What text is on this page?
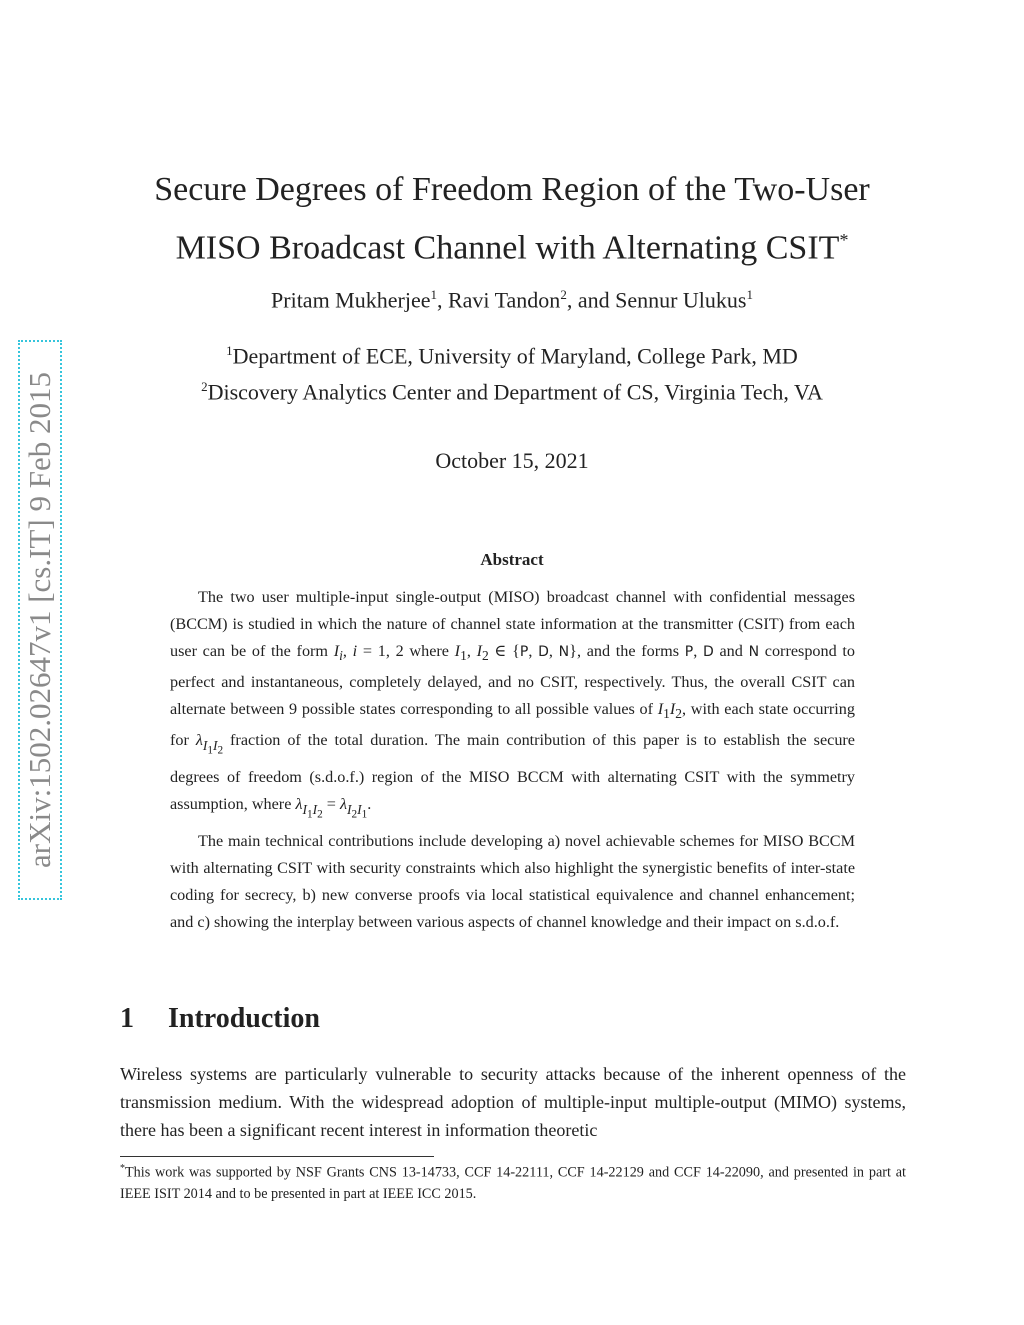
arXiv:1502.02647v1 [cs.IT] 9 Feb 2015
Secure Degrees of Freedom Region of the Two-User
MISO Broadcast Channel with Alternating CSIT*
Pritam Mukherjee$^1$, Ravi Tandon$^2$, and Sennur Ulukus$^1$
$^1$Department of ECE, University of Maryland, College Park, MD
$^2$Discovery Analytics Center and Department of CS, Virginia Tech, VA
October 15, 2021
Abstract
The two user multiple-input single-output (MISO) broadcast channel with confidential messages (BCCM) is studied in which the nature of channel state information at the transmitter (CSIT) from each user can be of the form $I_i$, i = 1, 2 where $I_1$, $I_2$ ∈ {P, D, N}, and the forms P, D and N correspond to perfect and instantaneous, completely delayed, and no CSIT, respectively. Thus, the overall CSIT can alternate between 9 possible states corresponding to all possible values of $I_1I_2$, with each state occurring for $\lambda_{I_1I_2}$ fraction of the total duration. The main contribution of this paper is to establish the secure degrees of freedom (s.d.o.f.) region of the MISO BCCM with alternating CSIT with the symmetry assumption, where $\lambda_{I_1I_2} = \lambda_{I_2I_1}$.
The main technical contributions include developing a) novel achievable schemes for MISO BCCM with alternating CSIT with security constraints which also highlight the synergistic benefits of inter-state coding for secrecy, b) new converse proofs via local statistical equivalence and channel enhancement; and c) showing the interplay between various aspects of channel knowledge and their impact on s.d.o.f.
1 Introduction
Wireless systems are particularly vulnerable to security attacks because of the inherent openness of the transmission medium. With the widespread adoption of multiple-input multiple-output (MIMO) systems, there has been a significant recent interest in information theoretic
*This work was supported by NSF Grants CNS 13-14733, CCF 14-22111, CCF 14-22129 and CCF 14-22090, and presented in part at IEEE ISIT 2014 and to be presented in part at IEEE ICC 2015.
